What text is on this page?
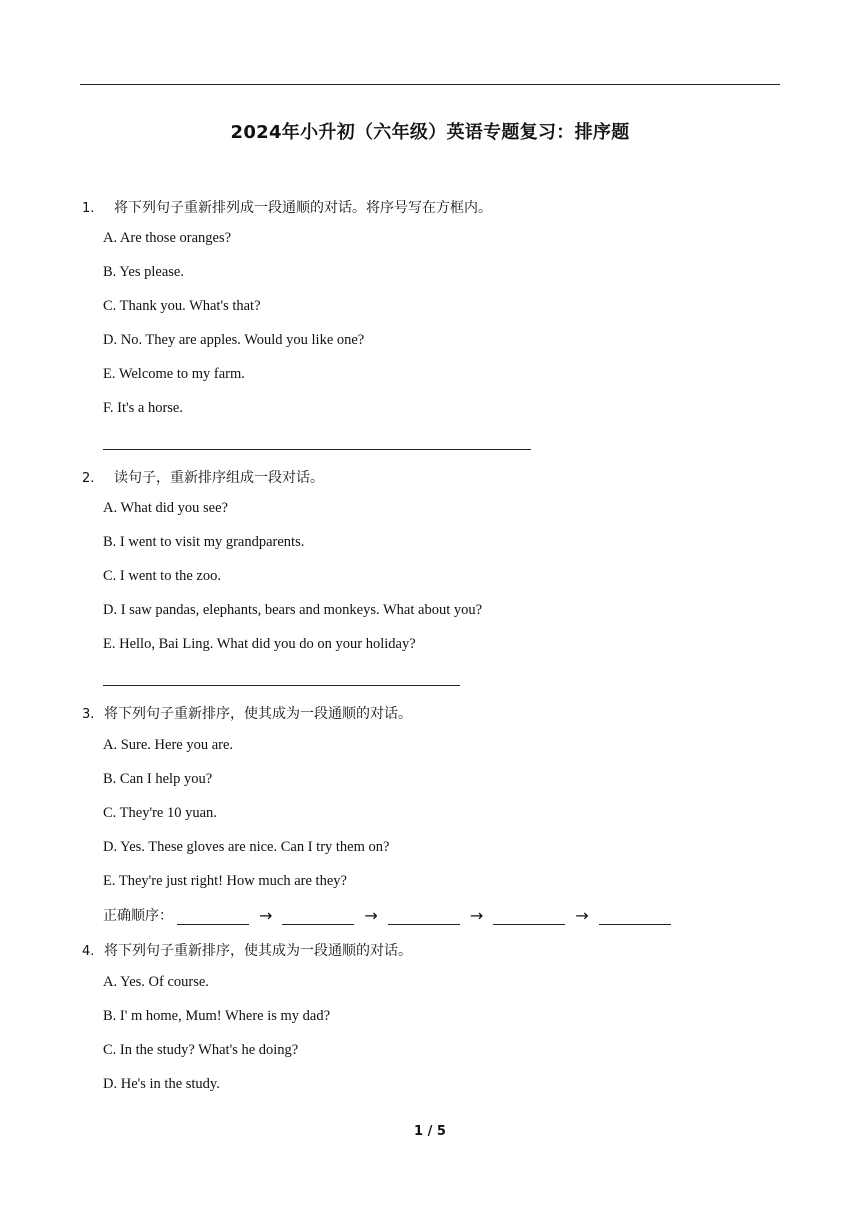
2024年小升初（六年级）英语专题复习：排序题
1. 将下列句子重新排列成一段通顺的对话。将序号写在方框内。
A. Are those oranges?
B. Yes please.
C. Thank you. What's that?
D. No. They are apples. Would you like one?
E. Welcome to my farm.
F. It's a horse.
2. 读句子，重新排序组成一段对话。
A. What did you see?
B. I went to visit my grandparents.
C. I went to the zoo.
D. I saw pandas, elephants, bears and monkeys. What about you?
E. Hello, Bai Ling. What did you do on your holiday?
3. 将下列句子重新排序，使其成为一段通顺的对话。
A. Sure. Here you are.
B. Can I help you?
C. They're 10 yuan.
D. Yes. These gloves are nice. Can I try them on?
E. They're just right! How much are they?
正确顺序：	→	→	→	→
4. 将下列句子重新排序，使其成为一段通顺的对话。
A. Yes. Of course.
B. I' m home, Mum! Where is my dad?
C. In the study? What's he doing?
D. He's in the study.
1 / 5
